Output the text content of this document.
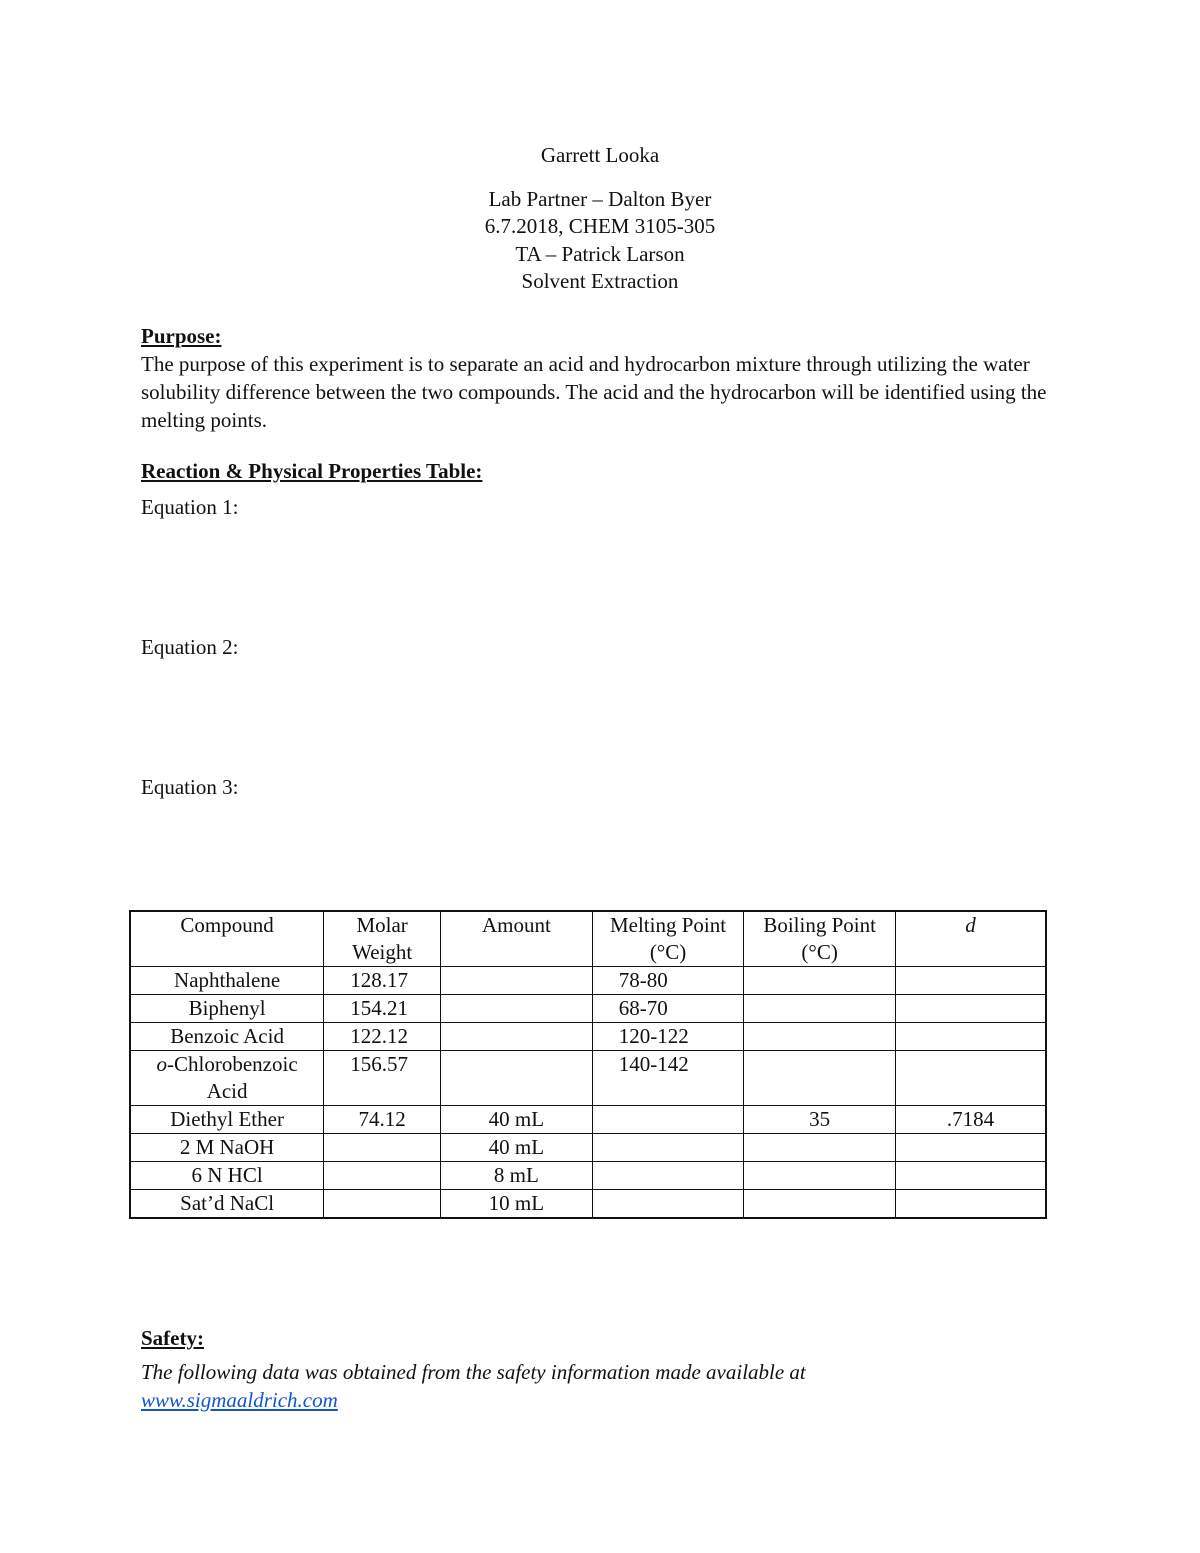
Garrett Looka
Lab Partner – Dalton Byer
6.7.2018, CHEM 3105-305
TA – Patrick Larson
Solvent Extraction
Purpose:
The purpose of this experiment is to separate an acid and hydrocarbon mixture through utilizing the water solubility difference between the two compounds. The acid and the hydrocarbon will be identified using the melting points.
Reaction & Physical Properties Table:
Equation 1:
Equation 2:
Equation 3:
Compound	Molar Weight	Amount	Melting Point (°C)	Boiling Point (°C)	d
Naphthalene	128.17		78-80		
Biphenyl	154.21		68-70		
Benzoic Acid	122.12		120-122		
o-Chlorobenzoic Acid	156.57		140-142		
Diethyl Ether	74.12	40 mL		35	.7184
2 M NaOH		40 mL			
6 N HCl		8 mL			
Sat’d NaCl		10 mL			
Safety:
The following data was obtained from the safety information made available at
www.sigmaaldrich.com
